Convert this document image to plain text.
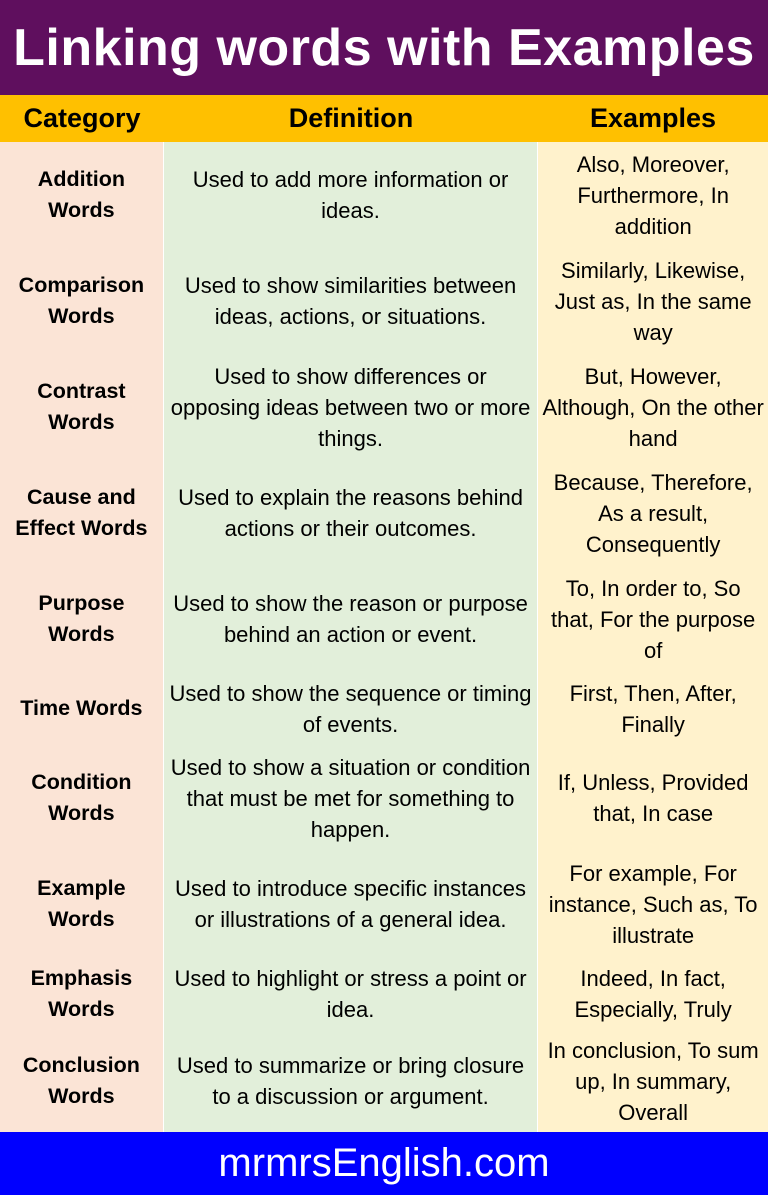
Linking words with Examples
Category	Definition	Examples
Addition Words
Comparison Words
Contrast Words
Cause and Effect Words
Purpose Words
Time Words
Condition Words
Example Words
Emphasis Words
Conclusion Words
Used to add more information or ideas.
Used to show similarities between ideas, actions, or situations.
Used to show differences or opposing ideas between two or more things.
Used to explain the reasons behind actions or their outcomes.
Used to show the reason or purpose behind an action or event.
Used to show the sequence or timing of events.
Used to show a situation or condition that must be met for something to happen.
Used to introduce specific instances or illustrations of a general idea.
Used to highlight or stress a point or idea.
Used to summarize or bring closure to a discussion or argument.
Also, Moreover, Furthermore, In addition
Similarly, Likewise, Just as, In the same way
But, However, Although, On the other hand
Because, Therefore, As a result, Consequently
To, In order to, So that, For the purpose of
First, Then, After, Finally
If, Unless, Provided that, In case
For example, For instance, Such as, To illustrate
Indeed, In fact, Especially, Truly
In conclusion, To sum up, In summary, Overall
mrmrsEnglish.com
